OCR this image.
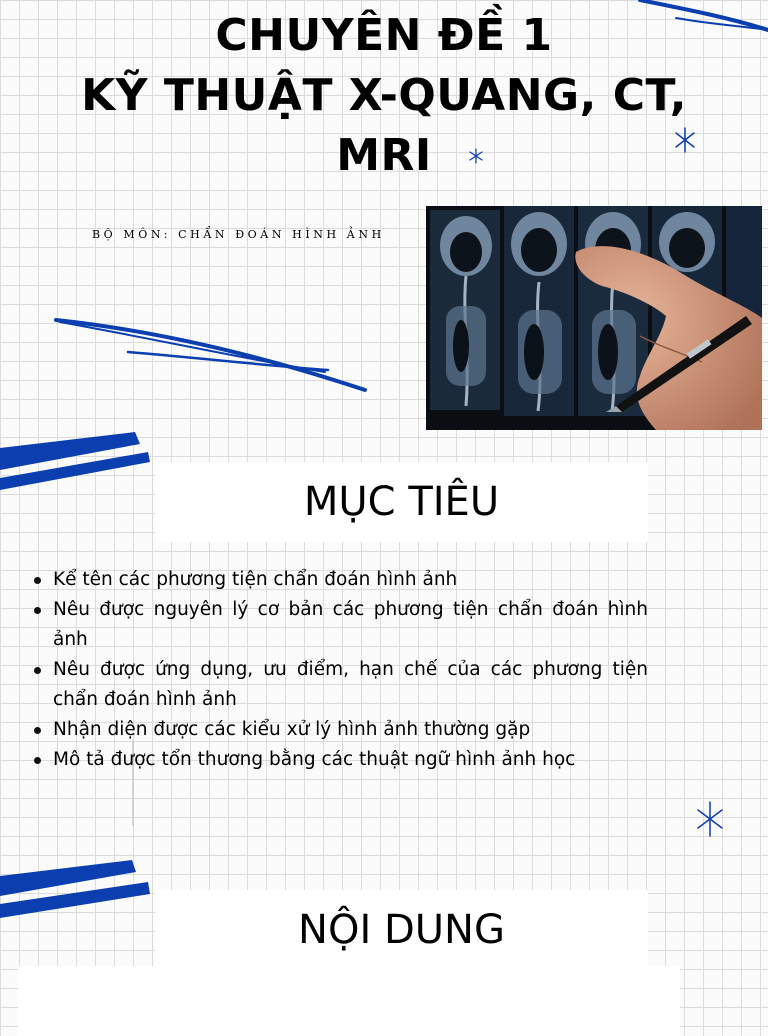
CHUYÊN ĐỀ 1
KỸ THUẬT X-QUANG, CT,
MRI
BỘ MÔN: CHẨN ĐOÁN HÌNH ẢNH
MỤC TIÊU
Kể tên các phương tiện chẩn đoán hình ảnh
Nêu được nguyên lý cơ bản các phương tiện chẩn đoán hình ảnh
Nêu được ứng dụng, ưu điểm, hạn chế của các phương tiện chẩn đoán hình ảnh
Nhận diện được các kiểu xử lý hình ảnh thường gặp
Mô tả được tổn thương bằng các thuật ngữ hình ảnh học
NỘI DUNG
